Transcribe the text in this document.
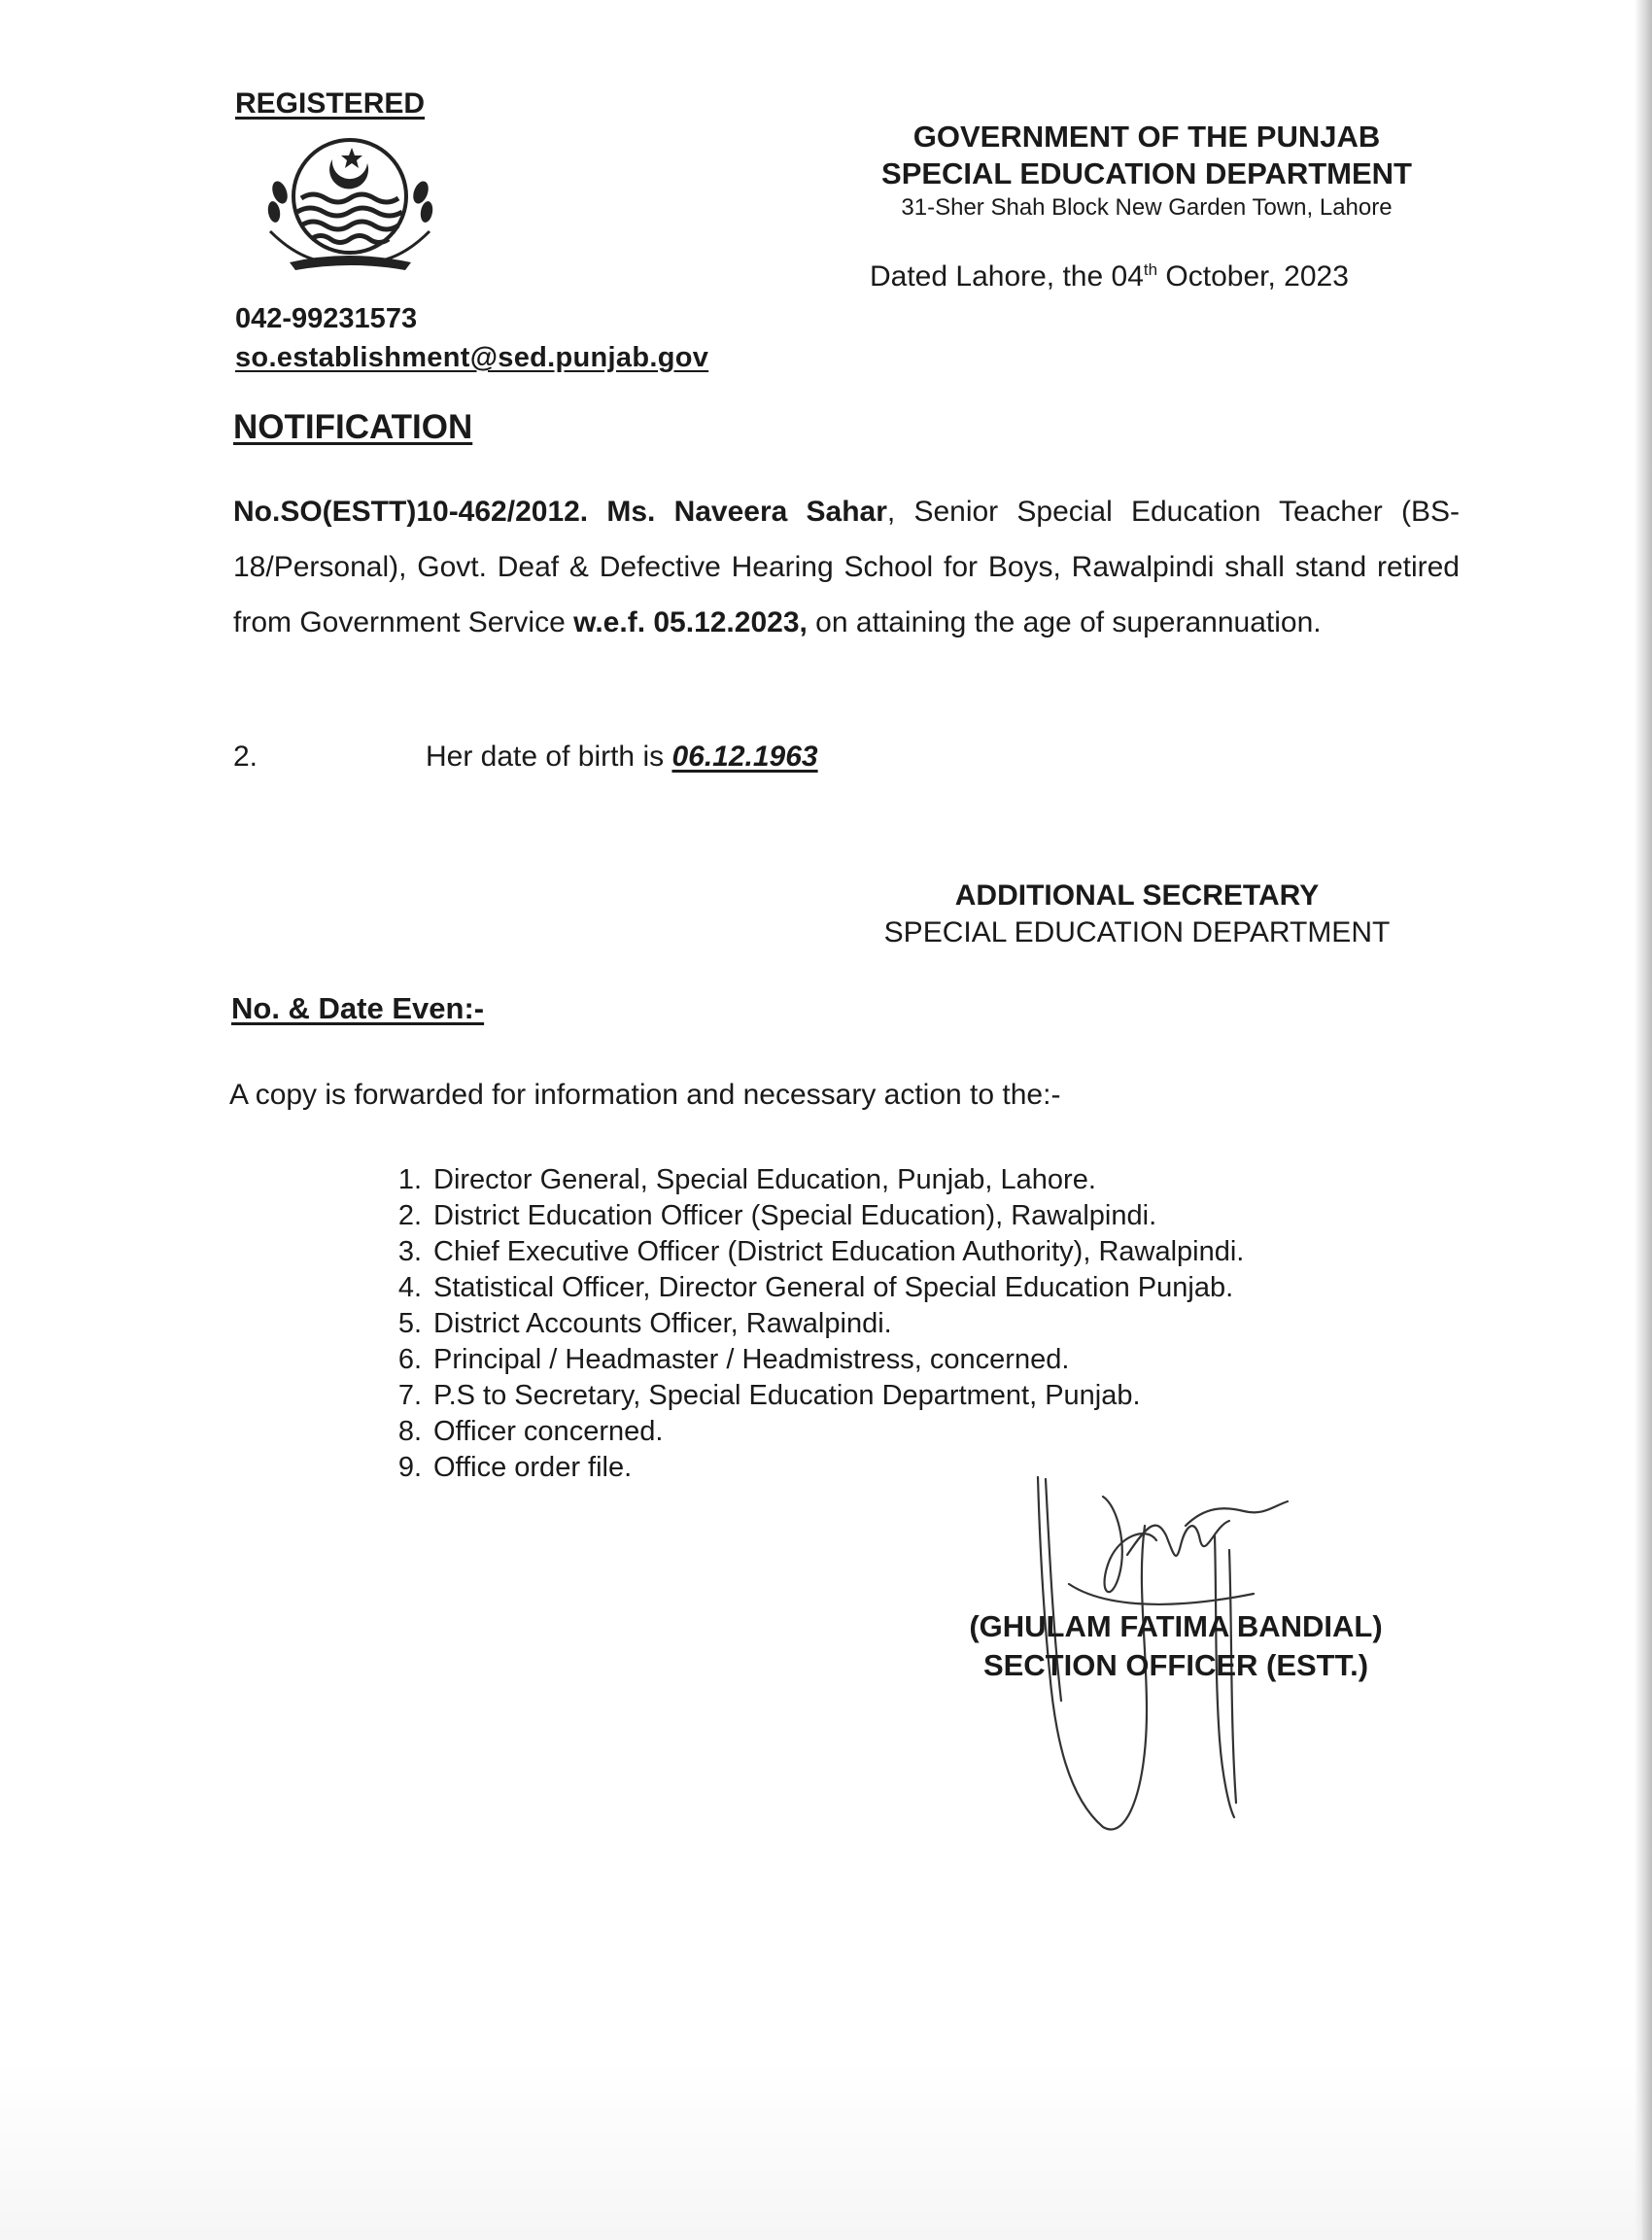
REGISTERED
042-99231573
so.establishment@sed.punjab.gov
GOVERNMENT OF THE PUNJAB
SPECIAL EDUCATION DEPARTMENT
31-Sher Shah Block New Garden Town, Lahore
Dated Lahore, the 04th October, 2023
NOTIFICATION
No.SO(ESTT)10-462/2012. Ms. Naveera Sahar, Senior Special Education Teacher (BS-18/Personal), Govt. Deaf & Defective Hearing School for Boys, Rawalpindi shall stand retired from Government Service w.e.f. 05.12.2023, on attaining the age of superannuation.
2.	Her date of birth is 06.12.1963
ADDITIONAL SECRETARY
SPECIAL EDUCATION DEPARTMENT
No. & Date Even:-
A copy is forwarded for information and necessary action to the:-
1. Director General, Special Education, Punjab, Lahore.
2. District Education Officer (Special Education), Rawalpindi.
3. Chief Executive Officer (District Education Authority), Rawalpindi.
4. Statistical Officer, Director General of Special Education Punjab.
5. District Accounts Officer, Rawalpindi.
6. Principal / Headmaster / Headmistress, concerned.
7. P.S to Secretary, Special Education Department, Punjab.
8. Officer concerned.
9. Office order file.
(GHULAM FATIMA BANDIAL)
SECTION OFFICER (ESTT.)
